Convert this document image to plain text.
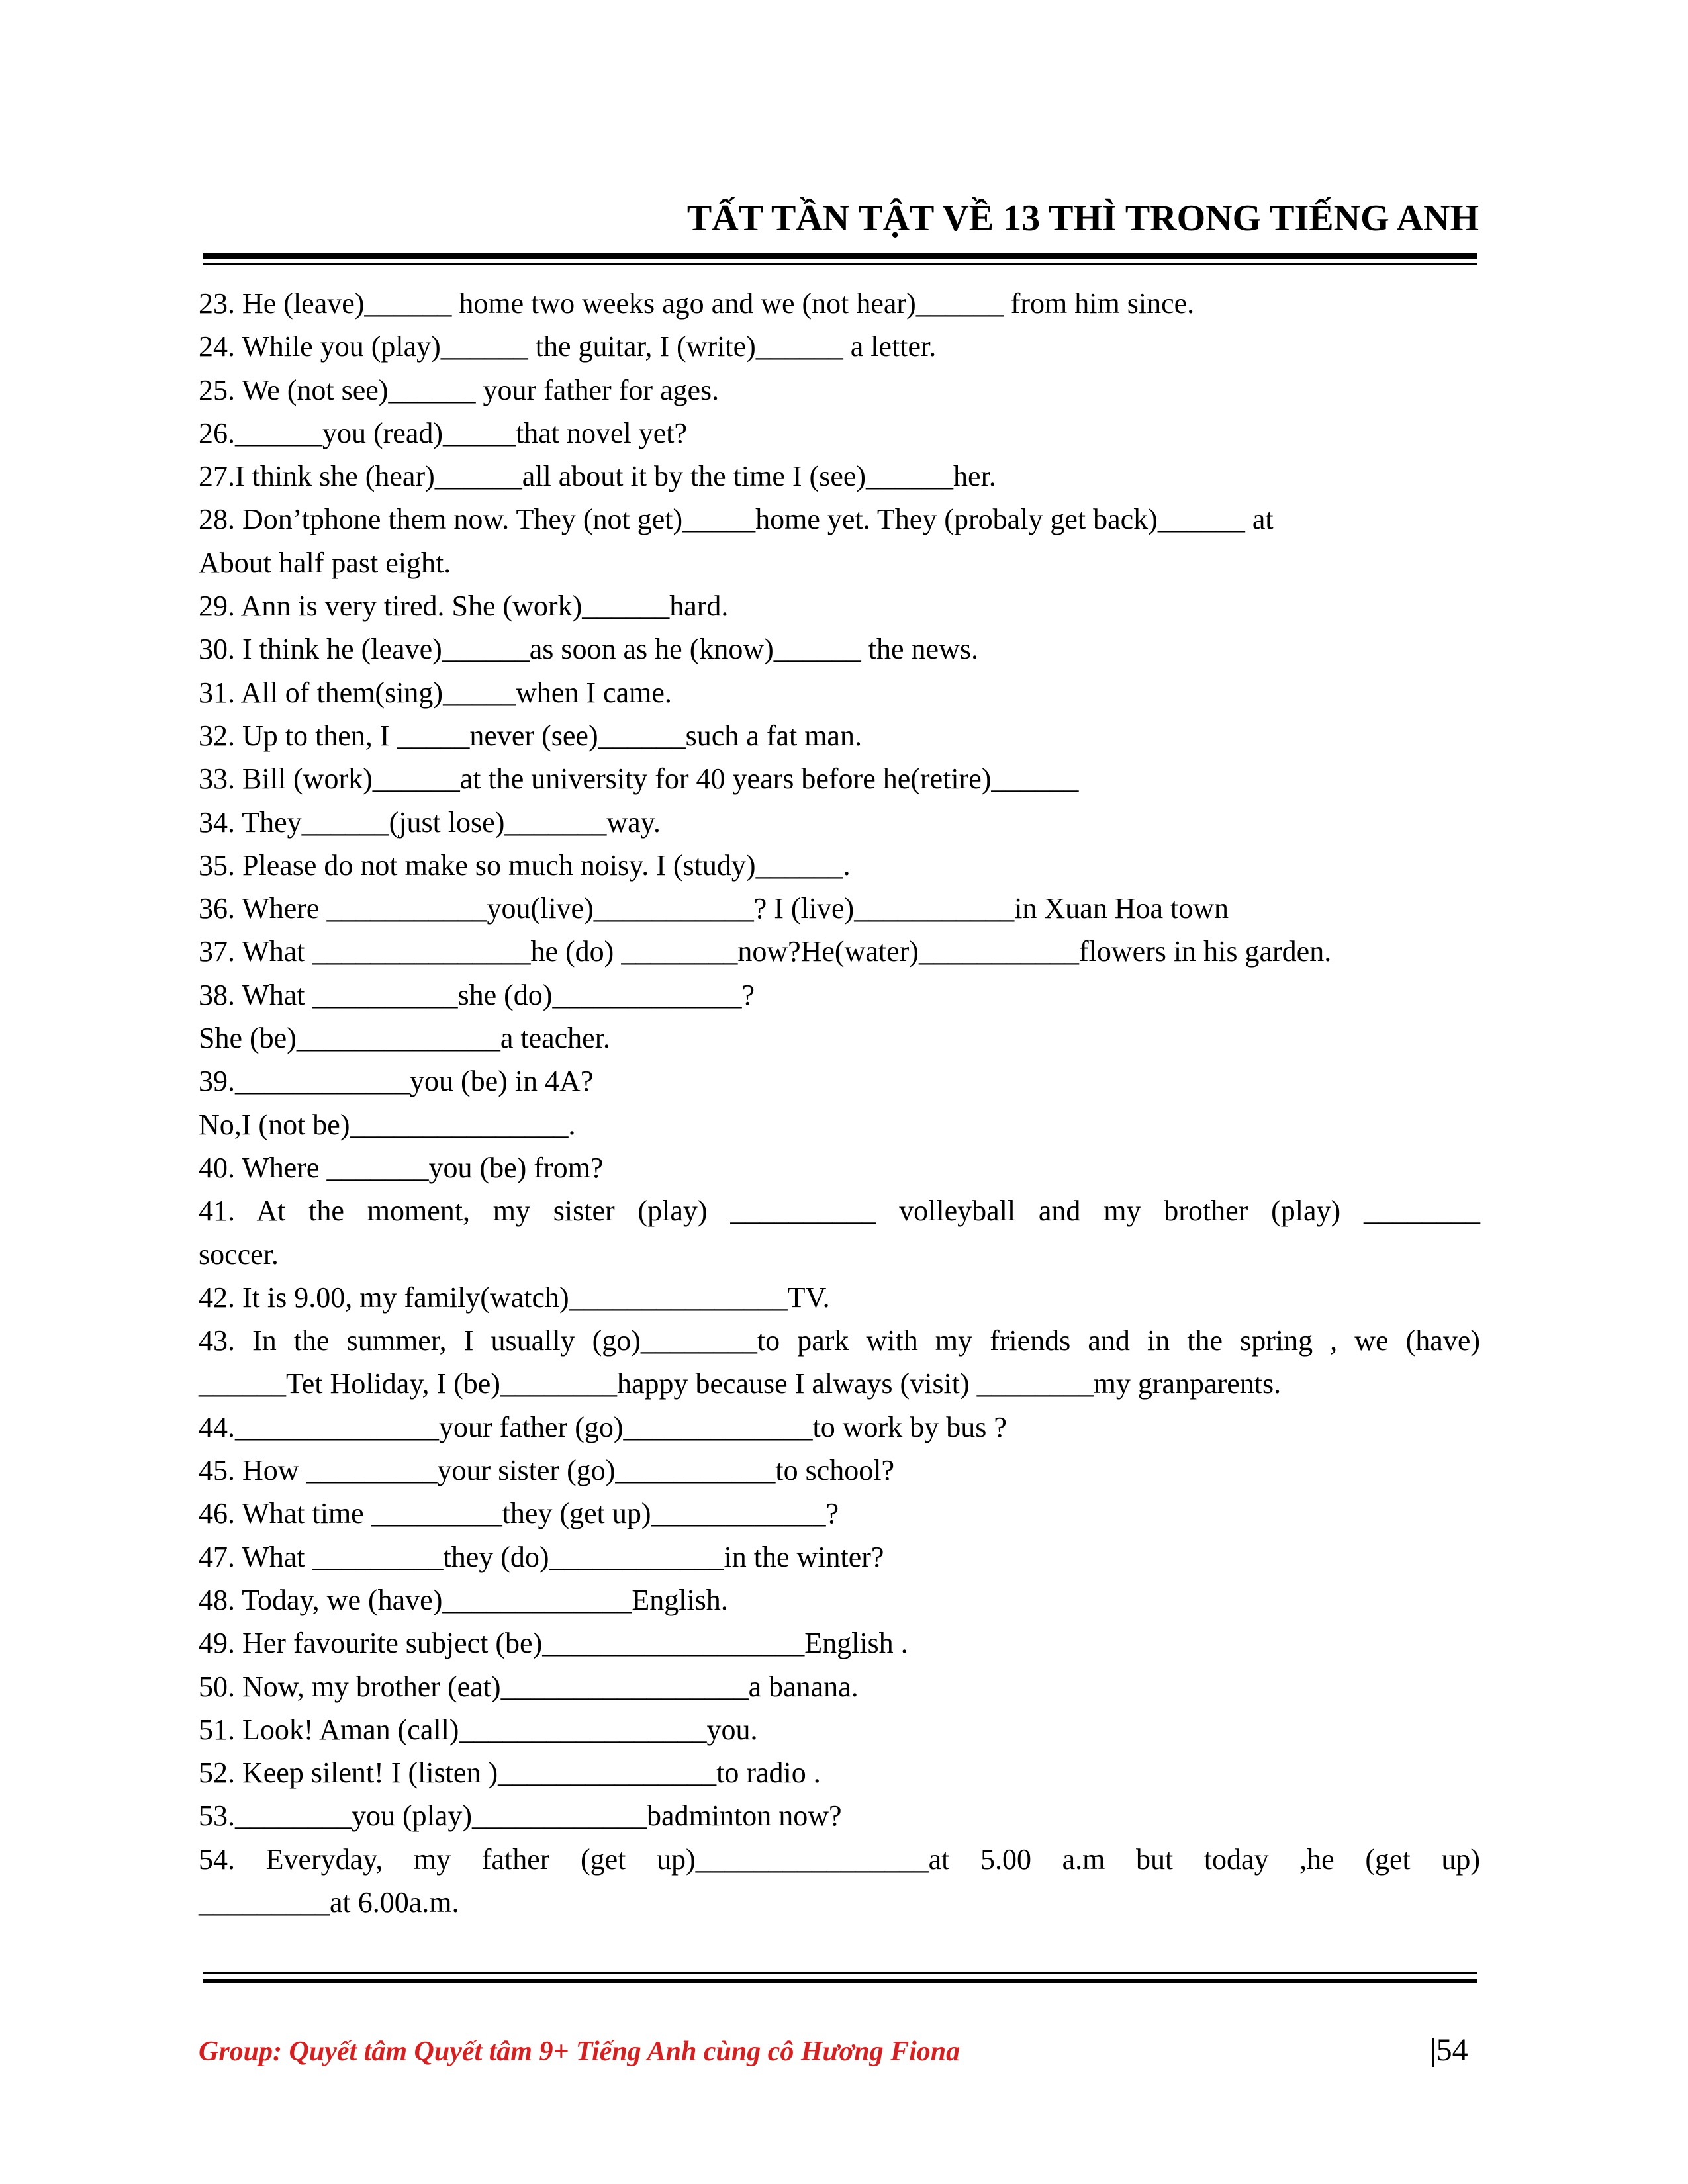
TẤT TẦN TẬT VỀ 13 THÌ TRONG TIẾNG ANH
23. He (leave)______ home two weeks ago and we (not hear)______ from him since.
24. While you (play)______ the guitar, I (write)______ a letter.
25. We (not see)______ your father for ages.
26.______you (read)_____that novel yet?
27.I think she (hear)______all about it by the time I (see)______her.
28. Don’tphone them now. They (not get)_____home yet. They (probaly get back)______ at
About half past eight.
29. Ann is very tired. She (work)______hard.
30. I think he (leave)______as soon as he (know)______ the news.
31. All of them(sing)_____when I came.
32. Up to then, I _____never (see)______such a fat man.
33. Bill (work)______at the university for 40 years before he(retire)______
34. They______(just lose)_______way.
35. Please do not make so much noisy. I (study)______.
36. Where ___________you(live)___________? I (live)___________in Xuan Hoa town
37. What _______________he (do) ________now?He(water)___________flowers in his garden.
38. What __________she (do)_____________?
She (be)______________a teacher.
39.____________you (be) in 4A?
No,I (not be)_______________.
40. Where _______you (be) from?
41. At the moment, my sister (play) __________ volleyball and my brother (play) ________
soccer.
42. It is 9.00, my family(watch)_______________TV.
43. In the summer, I usually (go)________to park with my friends and in the spring , we (have)
______Tet Holiday, I (be)________happy because I always (visit) ________my granparents.
44.______________your father (go)_____________to work by bus ?
45. How _________your sister (go)___________to school?
46. What time _________they (get up)____________?
47. What _________they (do)____________in the winter?
48. Today, we (have)_____________English.
49. Her favourite subject (be)__________________English .
50. Now, my brother (eat)_________________a banana.
51. Look! Aman (call)_________________you.
52. Keep silent! I (listen )_______________to radio .
53.________you (play)____________badminton now?
54. Everyday, my father (get up)________________at 5.00 a.m but today ,he (get up)
_________at 6.00a.m.
Group: Quyết tâm Quyết tâm 9+ Tiếng Anh cùng cô Hương Fiona	|54
